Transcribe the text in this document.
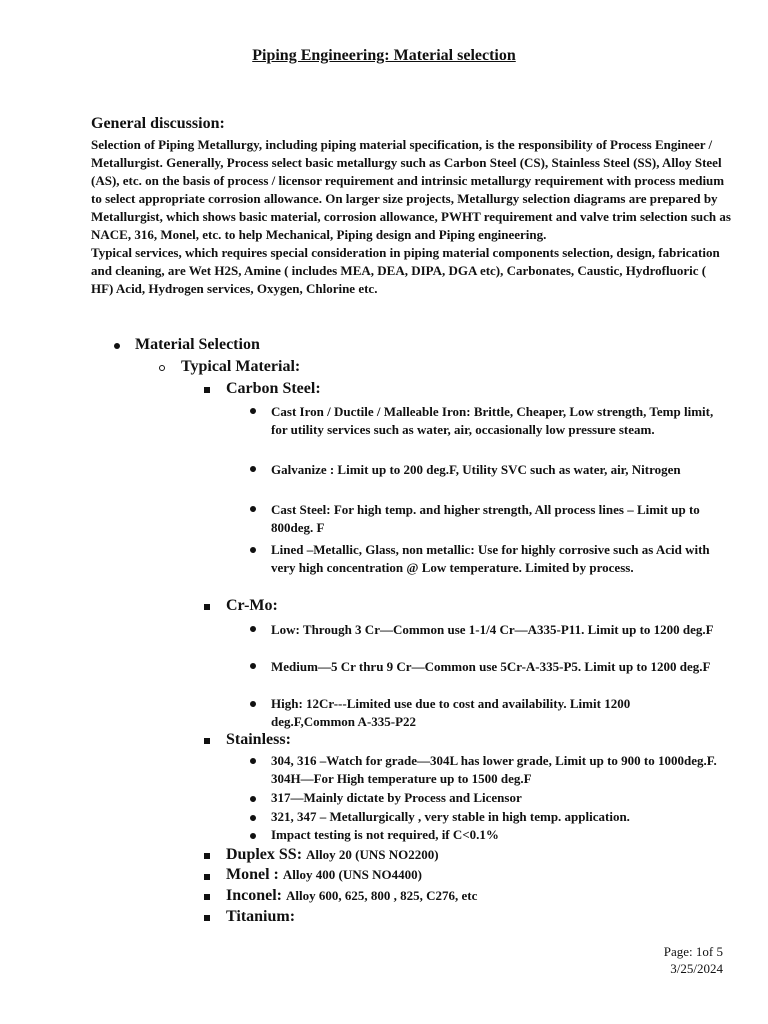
Piping Engineering: Material selection
General discussion:

Selection of Piping Metallurgy, including piping material specification, is the responsibility of Process Engineer / Metallurgist. Generally, Process select basic metallurgy such as Carbon Steel (CS), Stainless Steel (SS), Alloy Steel (AS), etc. on the basis of process / licensor requirement and intrinsic metallurgy requirement with process medium to select appropriate corrosion allowance. On larger size projects, Metallurgy selection diagrams are prepared by Metallurgist, which shows basic material, corrosion allowance, PWHT requirement and valve trim selection such as NACE, 316, Monel, etc. to help Mechanical, Piping design and Piping engineering.

Typical services, which requires special consideration in piping material components selection, design, fabrication and cleaning, are Wet H2S, Amine ( includes MEA, DEA, DIPA, DGA etc), Carbonates, Caustic, Hydrofluoric ( HF) Acid, Hydrogen services, Oxygen, Chlorine etc.

Material Selection
Typical Material:
Carbon Steel:
Cast Iron / Ductile / Malleable Iron: Brittle, Cheaper, Low strength, Temp limit, for utility services such as water, air, occasionally low pressure steam.
Galvanize : Limit up to 200 deg.F, Utility SVC such as water, air, Nitrogen
Cast Steel: For high temp. and higher strength, All process lines – Limit up to 800deg. F
Lined –Metallic, Glass, non metallic: Use for highly corrosive such as Acid with very high concentration @ Low temperature. Limited by process.
Cr-Mo:
Low: Through 3 Cr—Common use 1-1/4 Cr—A335-P11. Limit up to 1200 deg.F
Medium—5 Cr thru 9 Cr—Common use 5Cr-A-335-P5. Limit up to 1200 deg.F
High: 12Cr---Limited use due to cost and availability. Limit 1200 deg.F,Common A-335-P22
Stainless:
304, 316 –Watch for grade—304L has lower grade, Limit up to 900 to 1000deg.F. 304H—For High temperature up to 1500 deg.F
317—Mainly dictate by Process and Licensor
321, 347 – Metallurgically , very stable in high temp. application.
Impact testing is not required, if C<0.1%
Duplex SS: Alloy 20 (UNS NO2200)
Monel : Alloy 400 (UNS NO4400)
Inconel: Alloy 600, 625, 800 , 825, C276, etc
Titanium:
Page: 1of 5
3/25/2024
